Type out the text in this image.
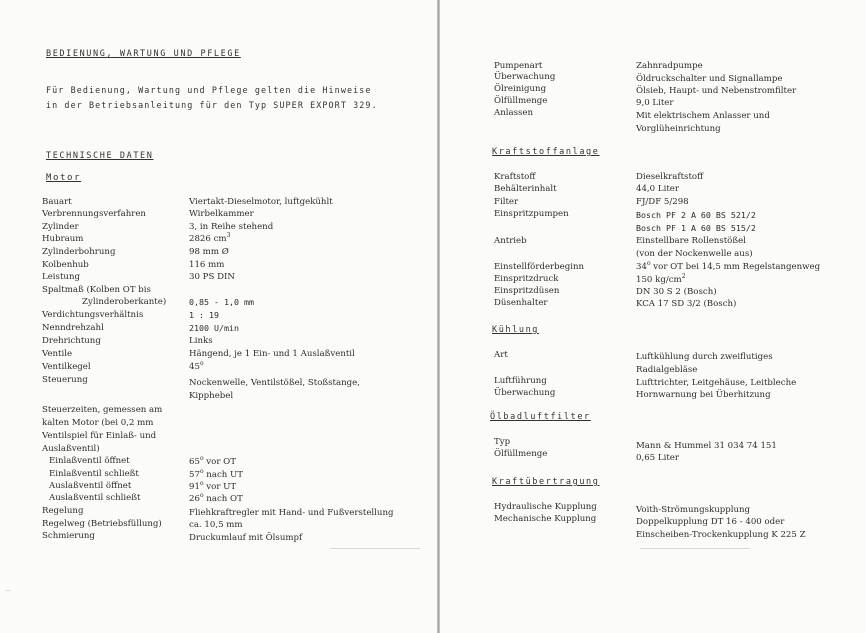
BEDIENUNG, WARTUNG UND PFLEGE
Für Bedienung, Wartung und Pflege gelten die Hinweise
in der Betriebsanleitung für den Typ SUPER EXPORT 329.
TECHNISCHE DATEN
Motor
Bauart	Viertakt-Dieselmotor, luftgekühlt
Verbrennungsverfahren	Wirbelkammer
Zylinder	3, in Reihe stehend
Hubraum	2826 $cm^3$
Zylinderbohrung	98 mm Ø
Kolbenhub	116 mm
Leistung	30 PS DIN
Spaltmaß (Kolben OT bis
Zylinderoberkante)	0,85 - 1,0 mm
Verdichtungsverhältnis	1 : 19
Nenndrehzahl	2100 U/min
Drehrichtung	Links
Ventile	Hängend, je 1 Ein- und 1 Auslaßventil
Ventilkegel	45$^o$
Steuerung	Nockenwelle, Ventilstößel, Stoßstange,
Kipphebel
Steuerzeiten, gemessen am
kalten Motor (bei 0,2 mm
Ventilspiel für Einlaß- und
Auslaßventil)
Einlaßventil öffnet	65$^o$ vor OT
Einlaßventil schließt	57$^o$ nach UT
Auslaßventil öffnet	91$^o$ vor UT
Auslaßventil schließt	26$^o$ nach OT
Regelung	Fliehkraftregler mit Hand- und Fußverstellung
Regelweg (Betriebsfüllung)	ca. 10,5 mm
Schmierung	Druckumlauf mit Ölsumpf
Pumpenart	Zahnradpumpe
Überwachung	Öldruckschalter und Signallampe
Ölreinigung	Ölsieb, Haupt- und Nebenstromfilter
Ölfüllmenge	9,0 Liter
Anlassen	Mit elektrischem Anlasser und
Vorglüheinrichtung
Kraftstoffanlage
Kraftstoff	Dieselkraftstoff
Behälterinhalt	44,0 Liter
Filter	FJ/DF 5/298
Einspritzpumpen	Bosch PF 2 A 60 BS 521/2
Bosch PF 1 A 60 BS 515/2
Antrieb	Einstellbare Rollenstößel
(von der Nockenwelle aus)
Einstellförderbeginn	34$^o$ vor OT bei 14,5 mm Regelstangenweg
Einspritzdruck	150 $kg/cm^2$
Einspritzdüsen	DN 30 S 2 (Bosch)
Düsenhalter	KCA 17 SD 3/2 (Bosch)
Kühlung
Art	Luftkühlung durch zweiflutiges
Radialgebläse
Luftführung	Lufttrichter, Leitgehäuse, Leitbleche
Überwachung	Hornwarnung bei Überhitzung
Ölbadluftfilter
Typ	Mann & Hummel 31 034 74 151
Ölfüllmenge	0,65 Liter
Kraftübertragung
Hydraulische Kupplung	Voith-Strömungskupplung
Mechanische Kupplung	Doppelkupplung DT 16 - 400 oder
Einscheiben-Trockenkupplung K 225 Z
